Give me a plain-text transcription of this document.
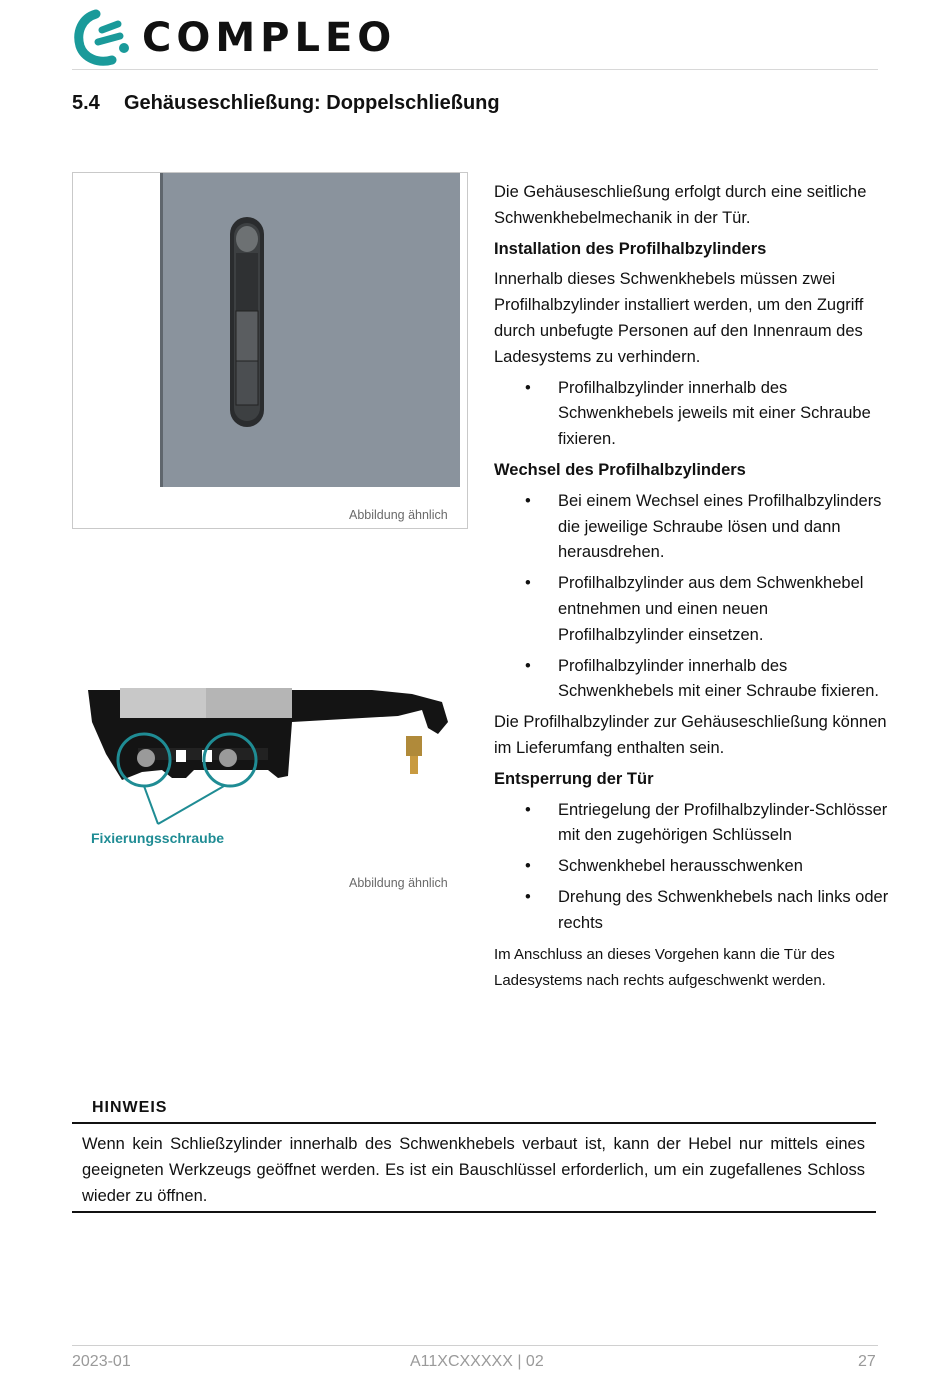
COMPLEO
5.4 Gehäuseschließung: Doppelschließung
Abbildung ähnlich
Fixierungsschraube
Abbildung ähnlich

Die Gehäuseschließung erfolgt durch eine seitliche Schwenkhebelmechanik in der Tür.

Installation des Profilhalbzylinders

Innerhalb dieses Schwenkhebels müssen zwei Profilhalbzylinder installiert werden, um den Zugriff durch unbefugte Personen auf den Innenraum des Ladesystems zu verhindern.

• Profilhalbzylinder innerhalb des Schwenkhebels jeweils mit einer Schraube fixieren.
Wechsel des Profilhalbzylinders
• Bei einem Wechsel eines Profilhalbzylinders die jeweilige Schraube lösen und dann herausdrehen.
• Profilhalbzylinder aus dem Schwenkhebel entnehmen und einen neuen Profilhalbzylinder einsetzen.
• Profilhalbzylinder innerhalb des Schwenkhebels mit einer Schraube fixieren.

Die Profilhalbzylinder zur Gehäuseschließung können im Lieferumfang enthalten sein.

Entsperrung der Tür
• Entriegelung der Profilhalbzylinder-Schlösser mit den zugehörigen Schlüsseln
• Schwenkhebel herausschwenken
• Drehung des Schwenkhebels nach links oder rechts

Im Anschluss an dieses Vorgehen kann die Tür des Ladesystems nach rechts aufgeschwenkt werden.

HINWEIS
Wenn kein Schließzylinder innerhalb des Schwenkhebels verbaut ist, kann der Hebel nur mittels eines geeigneten Werkzeugs geöffnet werden. Es ist ein Bauschlüssel erforderlich, um ein zugefallenes Schloss wieder zu öffnen.
2023-01	A11XCXXXXX | 02	27
